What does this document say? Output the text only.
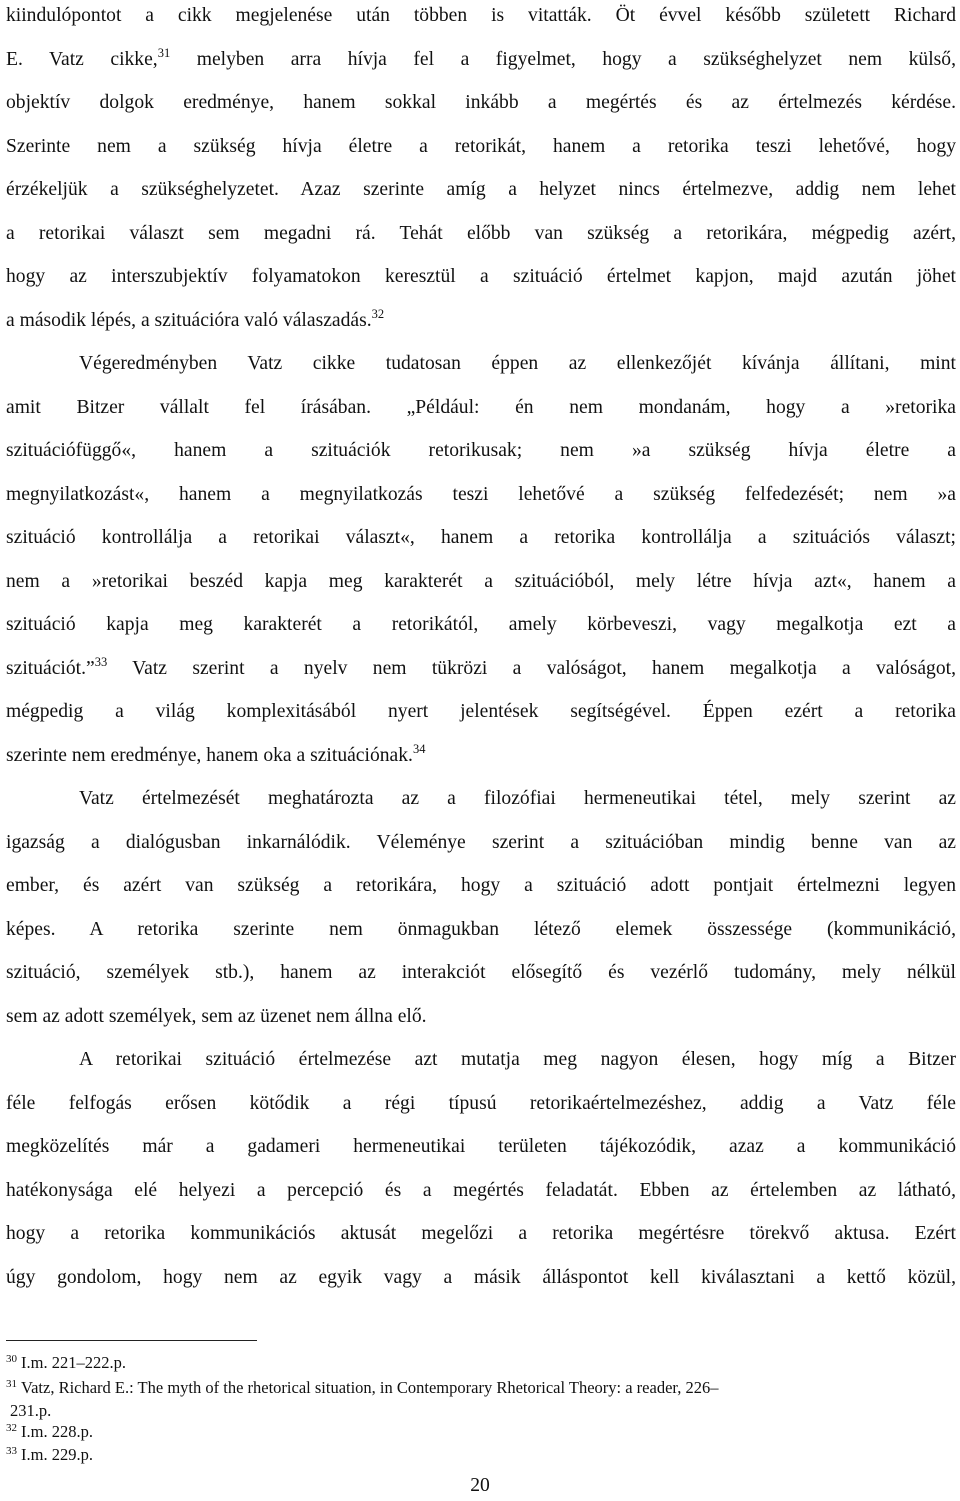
kiindulópontot a cikk megjelenése után többen is vitatták. Öt évvel később született Richard
E. Vatz cikke,$^{31}$ melyben arra hívja fel a figyelmet, hogy a szükséghelyzet nem külső,
objektív dolgok eredménye, hanem sokkal inkább a megértés és az értelmezés kérdése.
Szerinte nem a szükség hívja életre a retorikát, hanem a retorika teszi lehetővé, hogy
érzékeljük a szükséghelyzetet. Azaz szerinte amíg a helyzet nincs értelmezve, addig nem lehet
a retorikai választ sem megadni rá. Tehát előbb van szükség a retorikára, mégpedig azért,
hogy az interszubjektív folyamatokon keresztül a szituáció értelmet kapjon, majd azután jöhet
a második lépés, a szituációra való válaszadás.$^{32}$
Végeredményben Vatz cikke tudatosan éppen az ellenkezőjét kívánja állítani, mint
amit Bitzer vállalt fel írásában. „Például: én nem mondanám, hogy a »retorika
szituációfüggő«, hanem a szituációk retorikusak; nem »a szükség hívja életre a
megnyilatkozást«, hanem a megnyilatkozás teszi lehetővé a szükség felfedezését; nem »a
szituáció kontrollálja a retorikai választ«, hanem a retorika kontrollálja a szituációs választ;
nem a »retorikai beszéd kapja meg karakterét a szituációból, mely létre hívja azt«, hanem a
szituáció kapja meg karakterét a retorikától, amely körbeveszi, vagy megalkotja ezt a
szituációt.”$^{33}$ Vatz szerint a nyelv nem tükrözi a valóságot, hanem megalkotja a valóságot,
mégpedig a világ komplexitásából nyert jelentések segítségével. Éppen ezért a retorika
szerinte nem eredménye, hanem oka a szituációnak.$^{34}$
Vatz értelmezését meghatározta az a filozófiai hermeneutikai tétel, mely szerint az
igazság a dialógusban inkarnálódik. Véleménye szerint a szituációban mindig benne van az
ember, és azért van szükség a retorikára, hogy a szituáció adott pontjait értelmezni legyen
képes. A retorika szerinte nem önmagukban létező elemek összessége (kommunikáció,
szituáció, személyek stb.), hanem az interakciót elősegítő és vezérlő tudomány, mely nélkül
sem az adott személyek, sem az üzenet nem állna elő.
A retorikai szituáció értelmezése azt mutatja meg nagyon élesen, hogy míg a Bitzer
féle felfogás erősen kötődik a régi típusú retorikaértelmezéshez, addig a Vatz féle
megközelítés már a gadameri hermeneutikai területen tájékozódik, azaz a kommunikáció
hatékonysága elé helyezi a percepció és a megértés feladatát. Ebben az értelemben az látható,
hogy a retorika kommunikációs aktusát megelőzi a retorika megértésre törekvő aktusa. Ezért
úgy gondolom, hogy nem az egyik vagy a másik álláspontot kell kiválasztani a kettő közül,
$^{30}$ I.m. 221–222.p.
$^{31}$ Vatz, Richard E.: The myth of the rhetorical situation, in Contemporary Rhetorical Theory: a reader, 226–
231.p.
$^{32}$ I.m. 228.p.
$^{33}$ I.m. 229.p.
20
